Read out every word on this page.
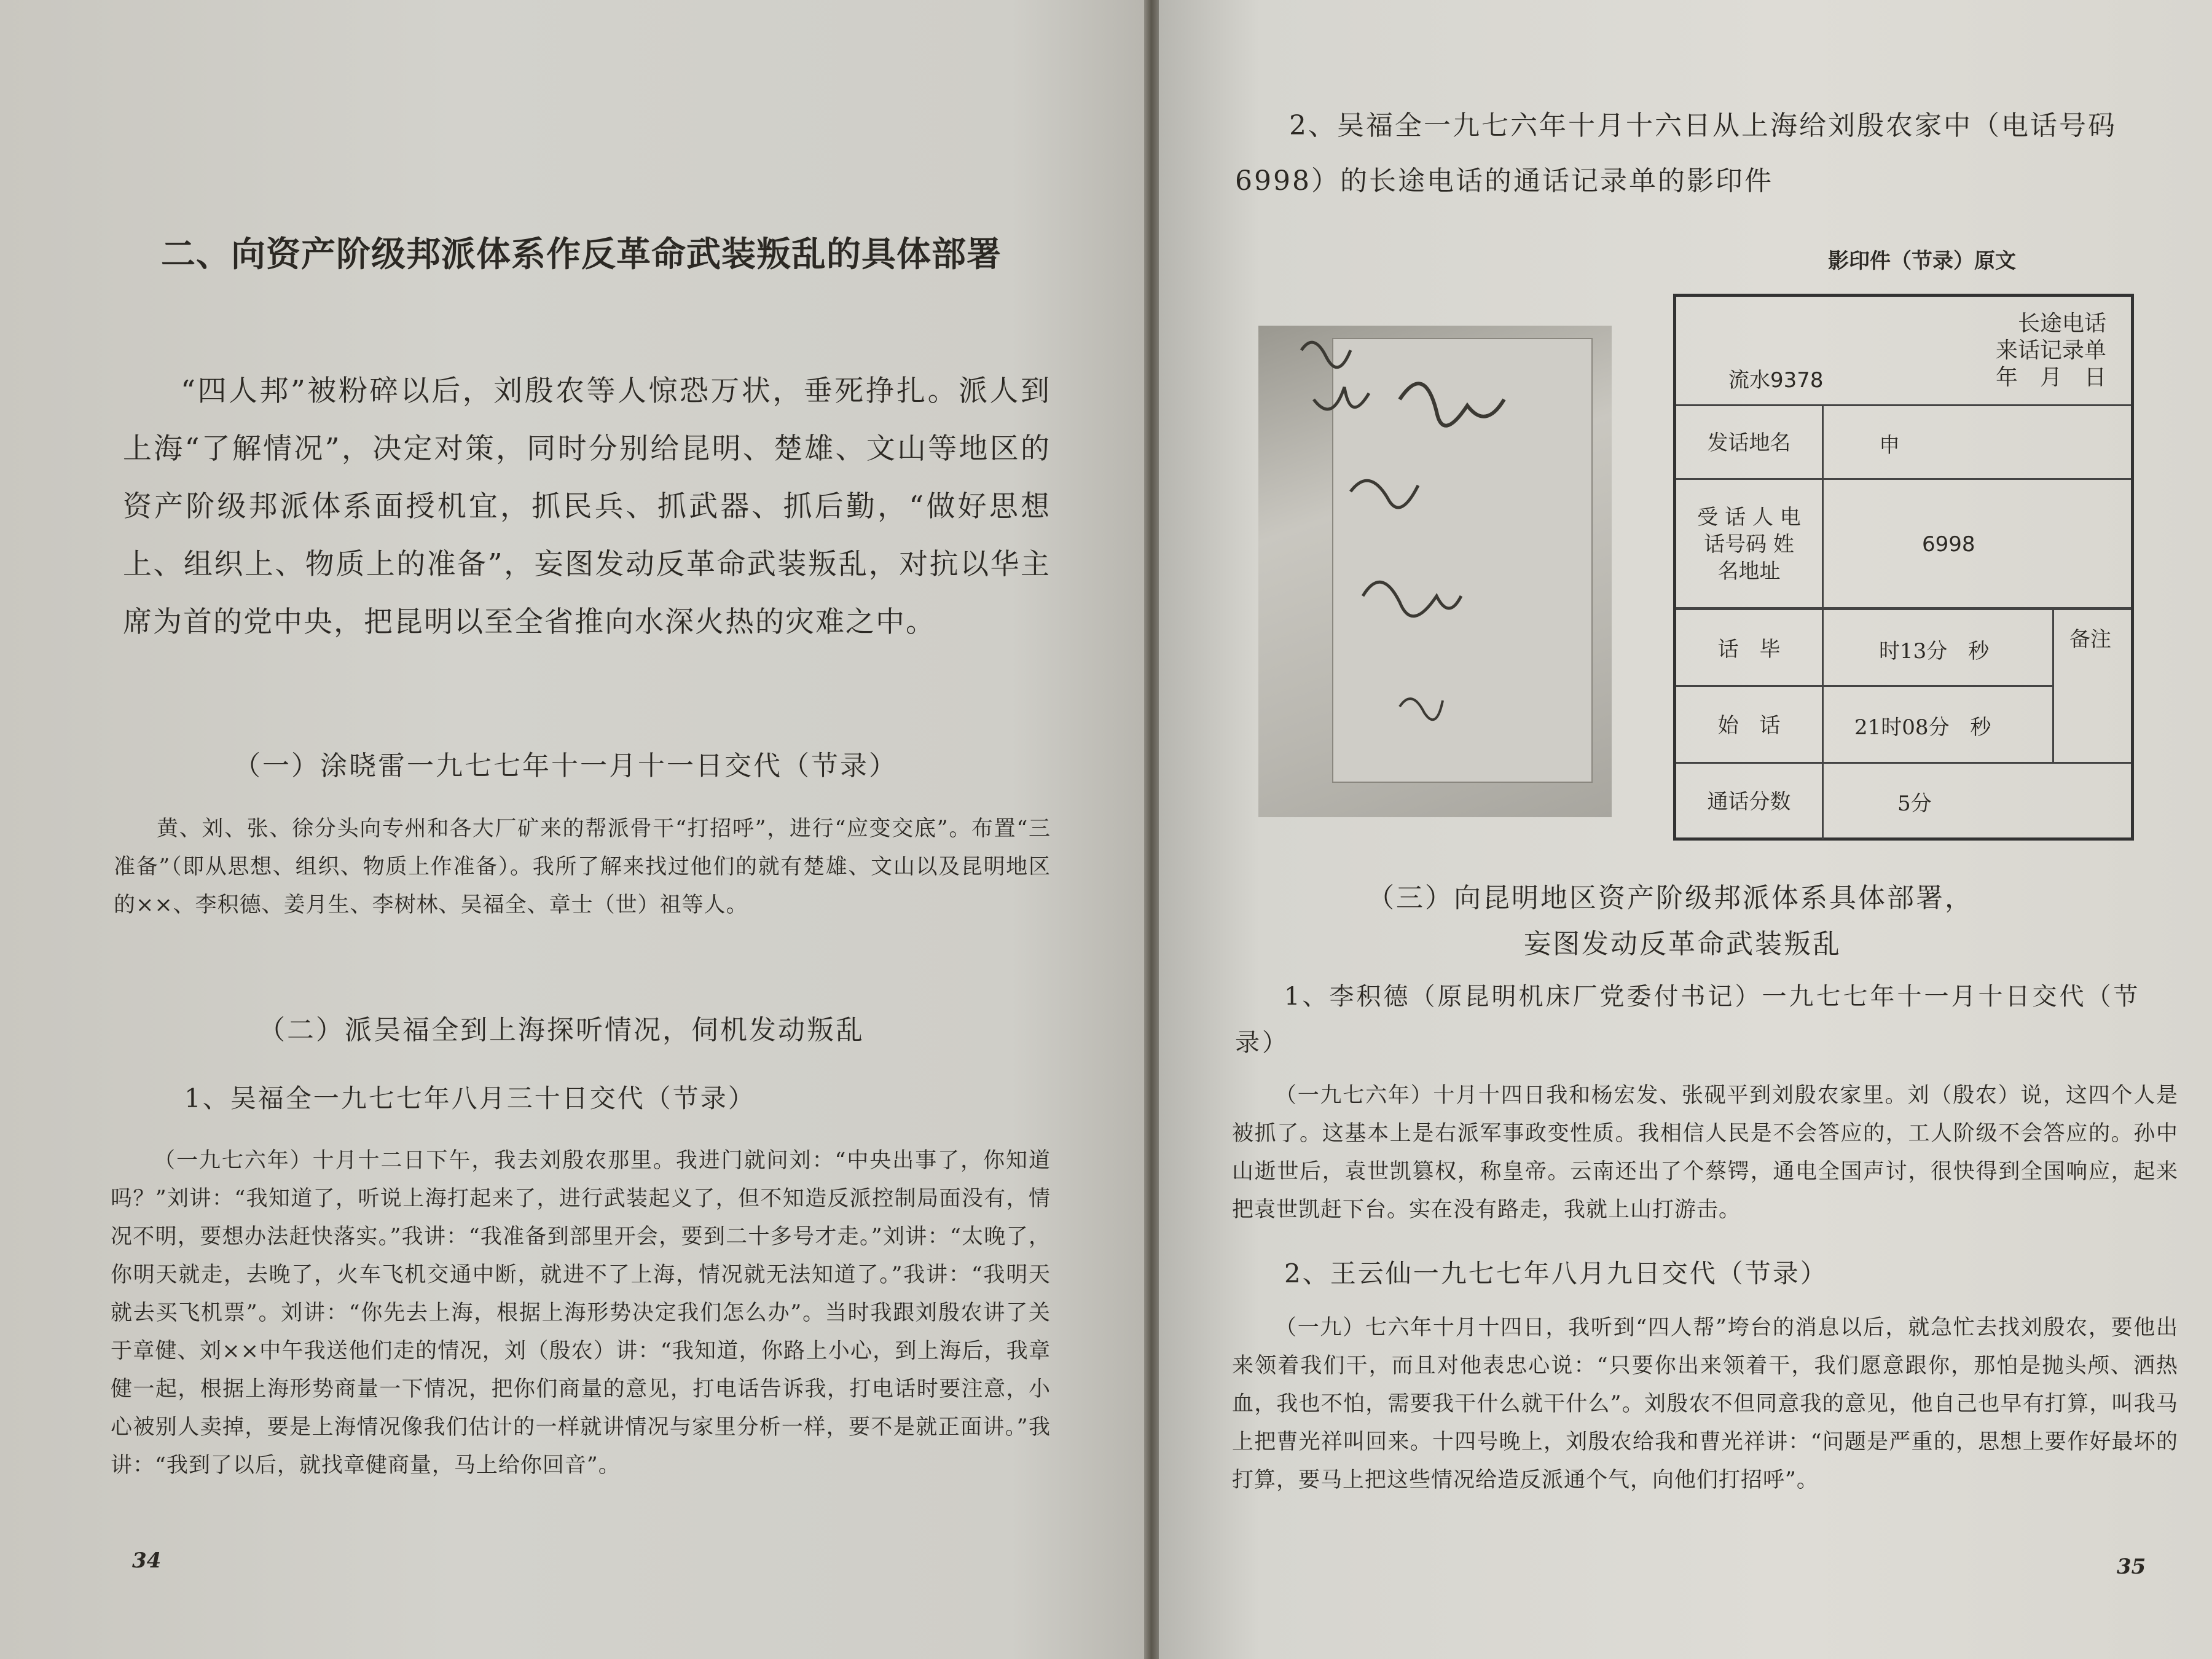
二、向资产阶级邦派体系作反革命武装叛乱的具体部署
“四人邦”被粉碎以后，刘殷农等人惊恐万状，垂死挣扎。派人到上海“了解情况”，决定对策，同时分别给昆明、楚雄、文山等地区的资产阶级邦派体系面授机宜，抓民兵、抓武器、抓后勤，“做好思想上、组织上、物质上的准备”，妄图发动反革命武装叛乱，对抗以华主席为首的党中央，把昆明以至全省推向水深火热的灾难之中。
（一）涂晓雷一九七七年十一月十一日交代（节录）
黄、刘、张、徐分头向专州和各大厂矿来的帮派骨干“打招呼”，进行“应变交底”。布置“三准备”（即从思想、组织、物质上作准备）。我所了解来找过他们的就有楚雄、文山以及昆明地区的××、李积德、姜月生、李树林、吴福全、章士（世）祖等人。
（二）派吴福全到上海探听情况，伺机发动叛乱
1、吴福全一九七七年八月三十日交代（节录）
（一九七六年）十月十二日下午，我去刘殷农那里。我进门就问刘：“中央出事了，你知道吗？”刘讲：“我知道了，听说上海打起来了，进行武装起义了，但不知造反派控制局面没有，情况不明，要想办法赶快落实。”我讲：“我准备到部里开会，要到二十多号才走。”刘讲：“太晚了，你明天就走，去晚了，火车飞机交通中断，就进不了上海，情况就无法知道了。”我讲：“我明天就去买飞机票”。刘讲：“你先去上海，根据上海形势决定我们怎么办”。当时我跟刘殷农讲了关于章健、刘××中午我送他们走的情况，刘（殷农）讲：“我知道，你路上小心，到上海后，我章健一起，根据上海形势商量一下情况，把你们商量的意见，打电话告诉我，打电话时要注意，小心被别人卖掉，要是上海情况像我们估计的一样就讲情况与家里分析一样，要不是就正面讲。”我讲：“我到了以后，就找章健商量，马上给你回音”。
34
2、吴福全一九七六年十月十六日从上海给刘殷农家中（电话号码6998）的长途电话的通话记录单的影印件
影印件（节录）原文
长途电话
来话记录单
年　月　日
流水9378
发话地名	申
受 话 人 电话号码 姓名地址
6998
话　毕	时13分　秒
始　话	21时08分　秒
通话分数	5分
备注
（三）向昆明地区资产阶级邦派体系具体部署，
妄图发动反革命武装叛乱
1、李积德（原昆明机床厂党委付书记）一九七七年十一月十日交代（节录）
（一九七六年）十月十四日我和杨宏发、张砚平到刘殷农家里。刘（殷农）说，这四个人是被抓了。这基本上是右派军事政变性质。我相信人民是不会答应的，工人阶级不会答应的。孙中山逝世后，袁世凯篡权，称皇帝。云南还出了个蔡锷，通电全国声讨，很快得到全国响应，起来把袁世凯赶下台。实在没有路走，我就上山打游击。
2、王云仙一九七七年八月九日交代（节录）
（一九）七六年十月十四日，我听到“四人帮”垮台的消息以后，就急忙去找刘殷农，要他出来领着我们干，而且对他表忠心说：“只要你出来领着干，我们愿意跟你，那怕是抛头颅、洒热血，我也不怕，需要我干什么就干什么”。刘殷农不但同意我的意见，他自己也早有打算，叫我马上把曹光祥叫回来。十四号晚上，刘殷农给我和曹光祥讲：“问题是严重的，思想上要作好最坏的打算，要马上把这些情况给造反派通个气，向他们打招呼”。
35
